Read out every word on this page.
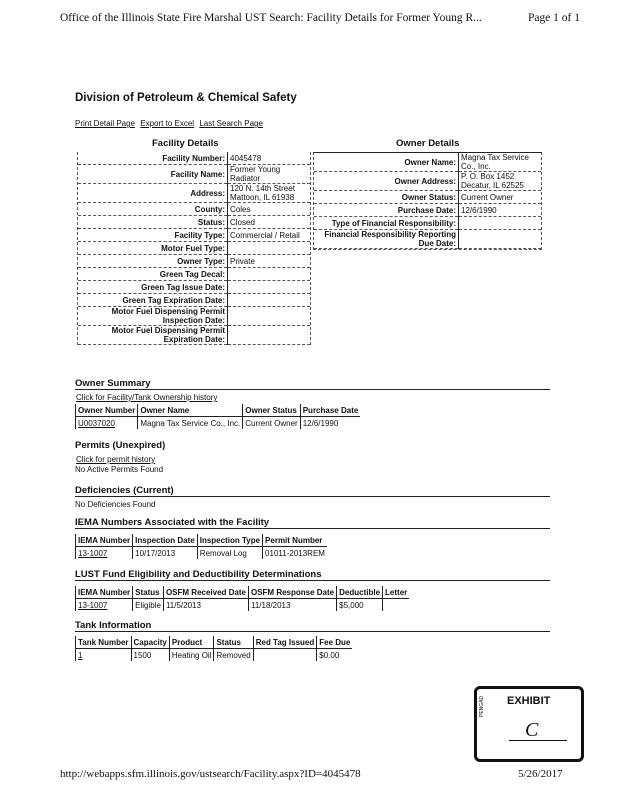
Office of the Illinois State Fire Marshal UST Search: Facility Details for Former Young R...	Page 1 of 1
Division of Petroleum & Chemical Safety
Print Detail Page Export to Excel Last Search Page
Facility Details
Facility Number:	4045478
Facility Name:	Former Young Radiator
Address:	120 N. 14th Street Mattoon, IL 61938
County:	Coles
Status:	Closed
Facility Type:	Commercial / Retail
Motor Fuel Type:	
Owner Type:	Private
Green Tag Decal:	
Green Tag Issue Date:	
Green Tag Expiration Date:	
Motor Fuel Dispensing Permit Inspection Date:	
Motor Fuel Dispensing Permit Expiration Date:	
Owner Details
Owner Name:	Magna Tax Service Co., Inc.
Owner Address:	P. O. Box 1452 Decatur, IL 62525
Owner Status:	Current Owner
Purchase Date:	12/6/1990
Type of Financial Responsibility:	
Financial Responsibility Reporting Due Date:	
Owner Summary
Click for Facility/Tank Ownership history
Owner Number	Owner Name	Owner Status	Purchase Date
U0037020	Magna Tax Service Co., Inc.	Current Owner	12/6/1990
Permits (Unexpired)
Click for permit history
No Active Permits Found
Deficiencies (Current)
No Deficiencies Found
IEMA Numbers Associated with the Facility
IEMA Number	Inspection Date	Inspection Type	Permit Number
13-1007	10/17/2013	Removal Log	01011-2013REM
LUST Fund Eligibility and Deductibility Determinations
IEMA Number	Status	OSFM Received Date	OSFM Response Date	Deductible	Letter
13-1007	Eligible	11/5/2013	11/18/2013	$5,000	
Tank Information
Tank Number	Capacity	Product	Status	Red Tag Issued	Fee Due
1	1500	Heating Oil	Removed		$0.00
EXHIBIT
PENGAD
C
http://webapps.sfm.illinois.gov/ustsearch/Facility.aspx?ID=4045478	5/26/2017
